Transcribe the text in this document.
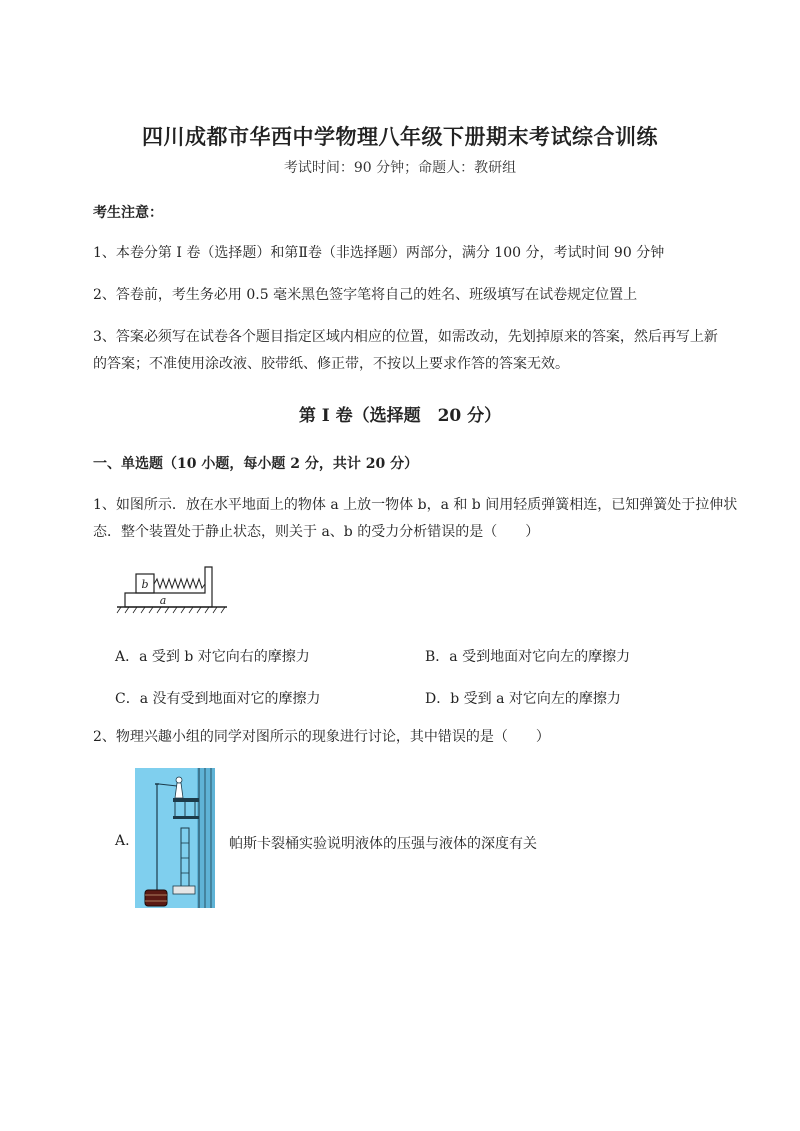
四川成都市华西中学物理八年级下册期末考试综合训练
考试时间：90 分钟；命题人：教研组
考生注意：
1、本卷分第 I 卷（选择题）和第Ⅱ卷（非选择题）两部分，满分 100 分，考试时间 90 分钟
2、答卷前，考生务必用 0.5 毫米黑色签字笔将自己的姓名、班级填写在试卷规定位置上
3、答案必须写在试卷各个题目指定区域内相应的位置，如需改动，先划掉原来的答案，然后再写上新
的答案；不准使用涂改液、胶带纸、修正带，不按以上要求作答的答案无效。
第 I 卷（选择题　20 分）
一、单选题（10 小题，每小题 2 分，共计 20 分）
1、如图所示．放在水平地面上的物体 a 上放一物体 b，a 和 b 间用轻质弹簧相连，已知弹簧处于拉伸状
态．整个装置处于静止状态，则关于 a、b 的受力分析错误的是（　　）
b
a
A．a 受到 b 对它向右的摩擦力	B．a 受到地面对它向左的摩擦力
C．a 没有受到地面对它的摩擦力	D．b 受到 a 对它向左的摩擦力
2、物理兴趣小组的同学对图所示的现象进行讨论，其中错误的是（　　）
A.	帕斯卡裂桶实验说明液体的压强与液体的深度有关
